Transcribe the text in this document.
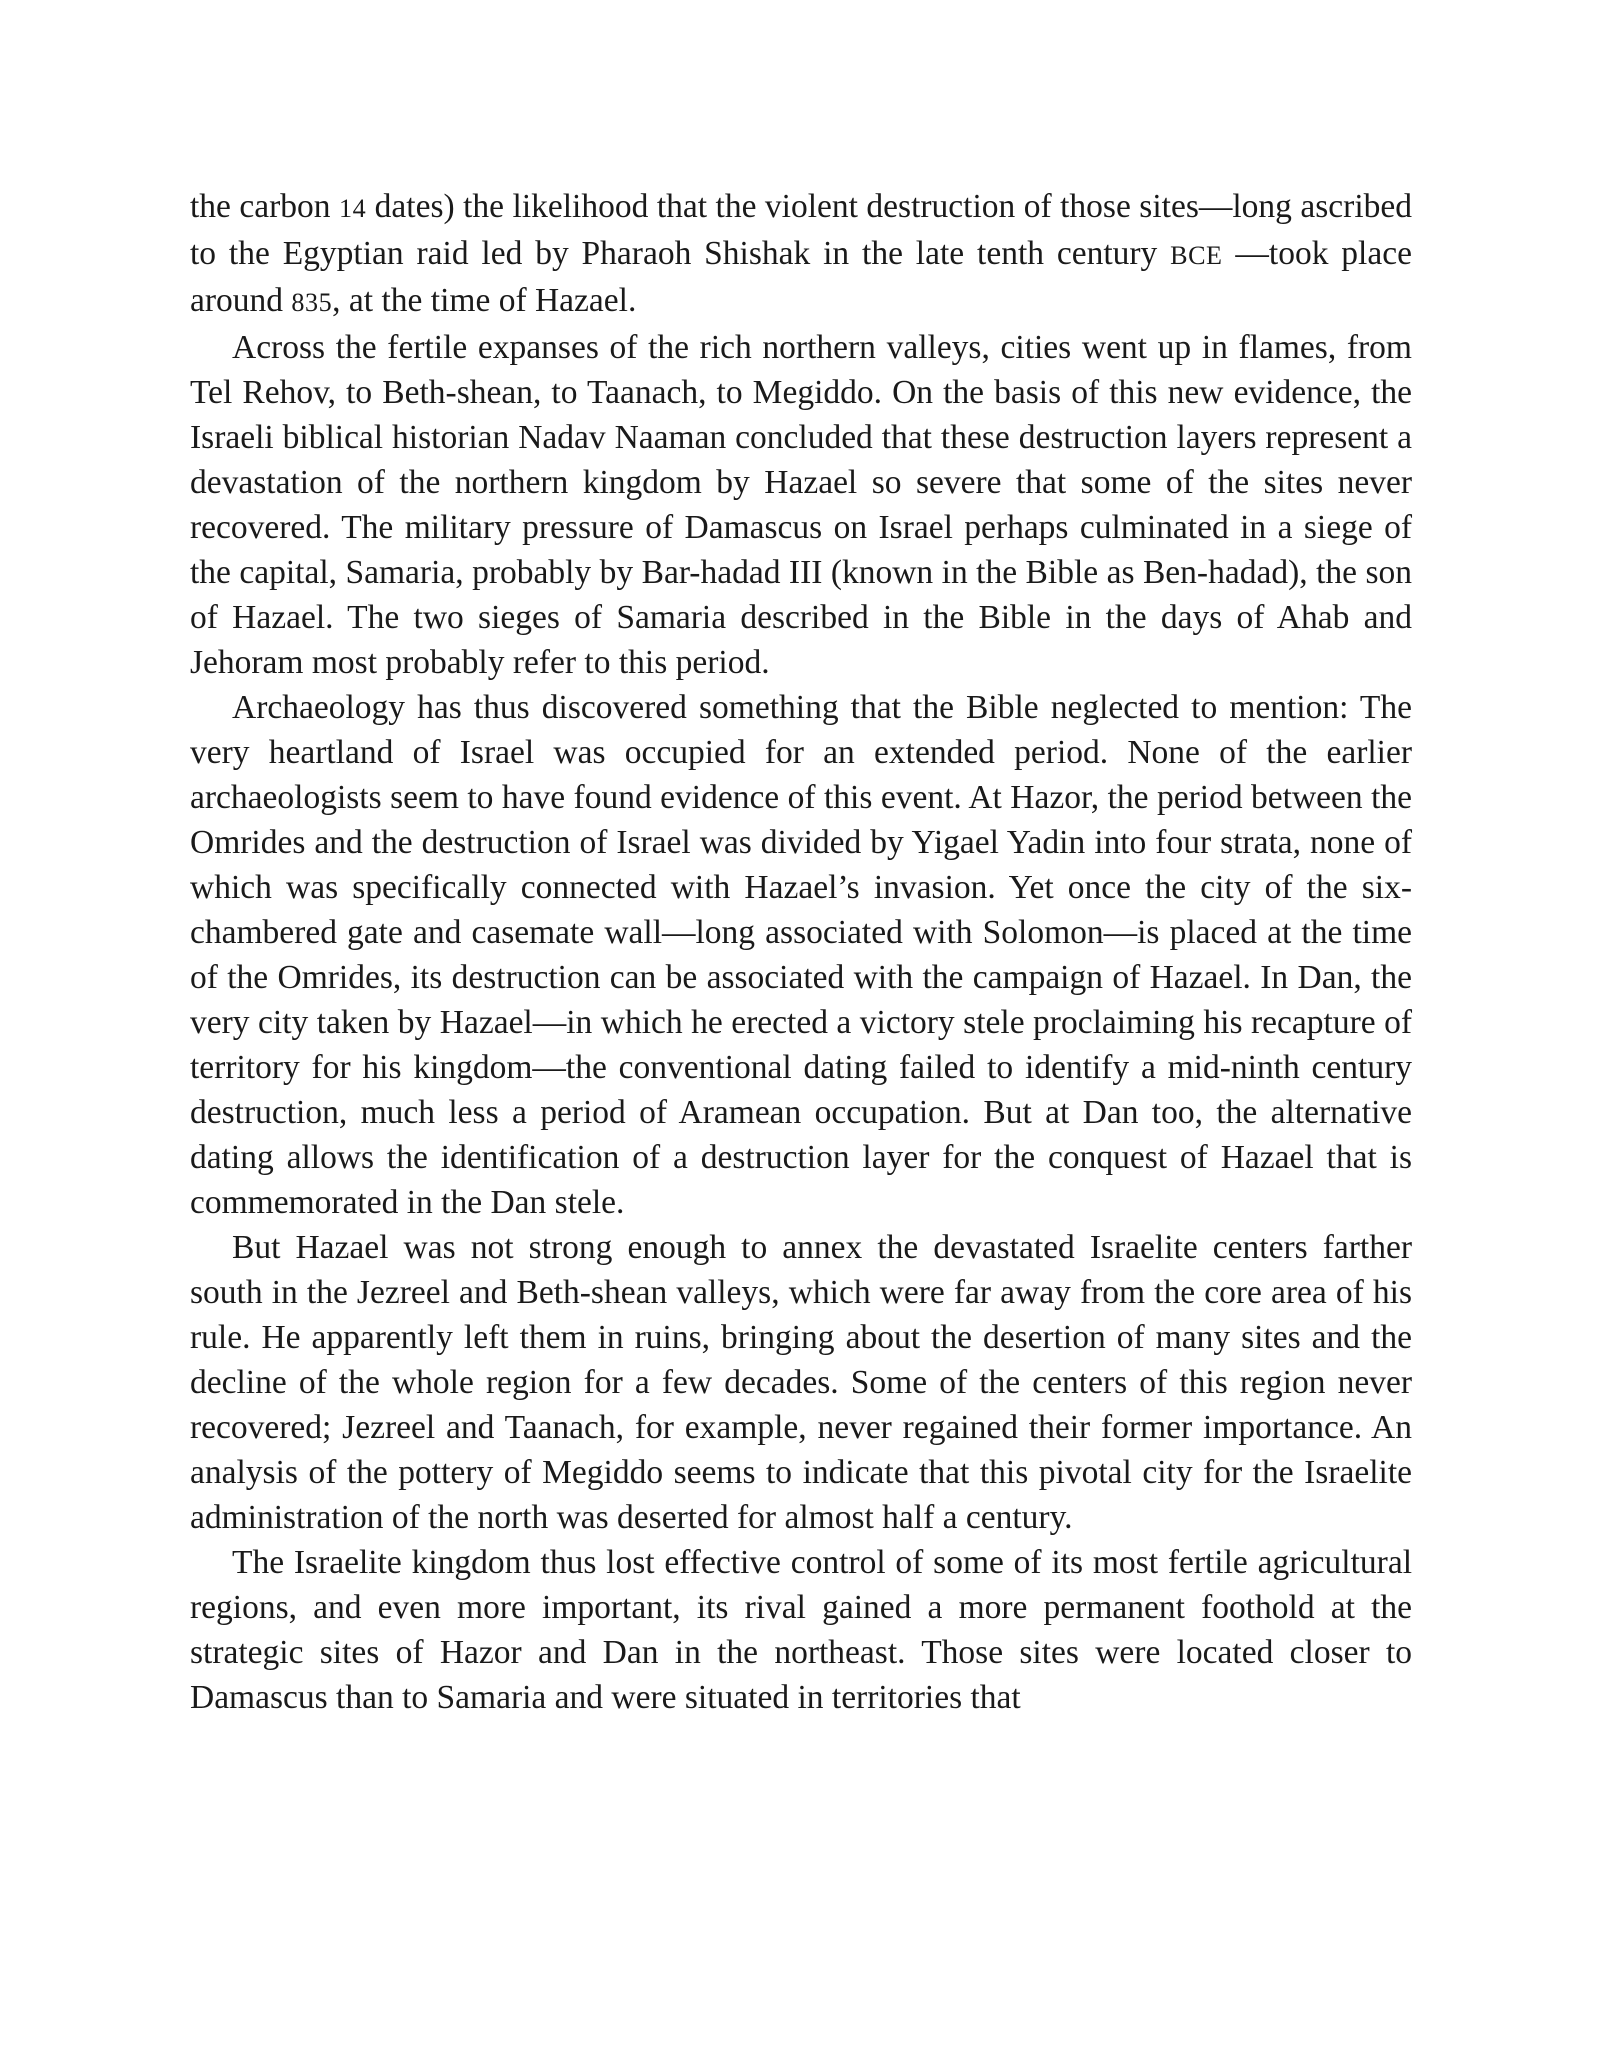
the carbon 14 dates) the likelihood that the violent destruction of those sites—long ascribed to the Egyptian raid led by Pharaoh Shishak in the late tenth century BCE —took place around 835, at the time of Hazael.

Across the fertile expanses of the rich northern valleys, cities went up in flames, from Tel Rehov, to Beth-shean, to Taanach, to Megiddo. On the basis of this new evidence, the Israeli biblical historian Nadav Naaman concluded that these destruction layers represent a devastation of the northern kingdom by Hazael so severe that some of the sites never recovered. The military pressure of Damascus on Israel perhaps culminated in a siege of the capital, Samaria, probably by Bar-hadad III (known in the Bible as Ben-hadad), the son of Hazael. The two sieges of Samaria described in the Bible in the days of Ahab and Jehoram most probably refer to this period.

Archaeology has thus discovered something that the Bible neglected to mention: The very heartland of Israel was occupied for an extended period. None of the earlier archaeologists seem to have found evidence of this event. At Hazor, the period between the Omrides and the destruction of Israel was divided by Yigael Yadin into four strata, none of which was specifically connected with Hazael’s invasion. Yet once the city of the six-chambered gate and casemate wall—long associated with Solomon—is placed at the time of the Omrides, its destruction can be associated with the campaign of Hazael. In Dan, the very city taken by Hazael—in which he erected a victory stele proclaiming his recapture of territory for his kingdom—the conventional dating failed to identify a mid-ninth century destruction, much less a period of Aramean occupation. But at Dan too, the alternative dating allows the identification of a destruction layer for the conquest of Hazael that is commemorated in the Dan stele.

But Hazael was not strong enough to annex the devastated Israelite centers farther south in the Jezreel and Beth-shean valleys, which were far away from the core area of his rule. He apparently left them in ruins, bringing about the desertion of many sites and the decline of the whole region for a few decades. Some of the centers of this region never recovered; Jezreel and Taanach, for example, never regained their former importance. An analysis of the pottery of Megiddo seems to indicate that this pivotal city for the Israelite administration of the north was deserted for almost half a century.

The Israelite kingdom thus lost effective control of some of its most fertile agricultural regions, and even more important, its rival gained a more permanent foothold at the strategic sites of Hazor and Dan in the northeast. Those sites were located closer to Damascus than to Samaria and were situated in territories that
